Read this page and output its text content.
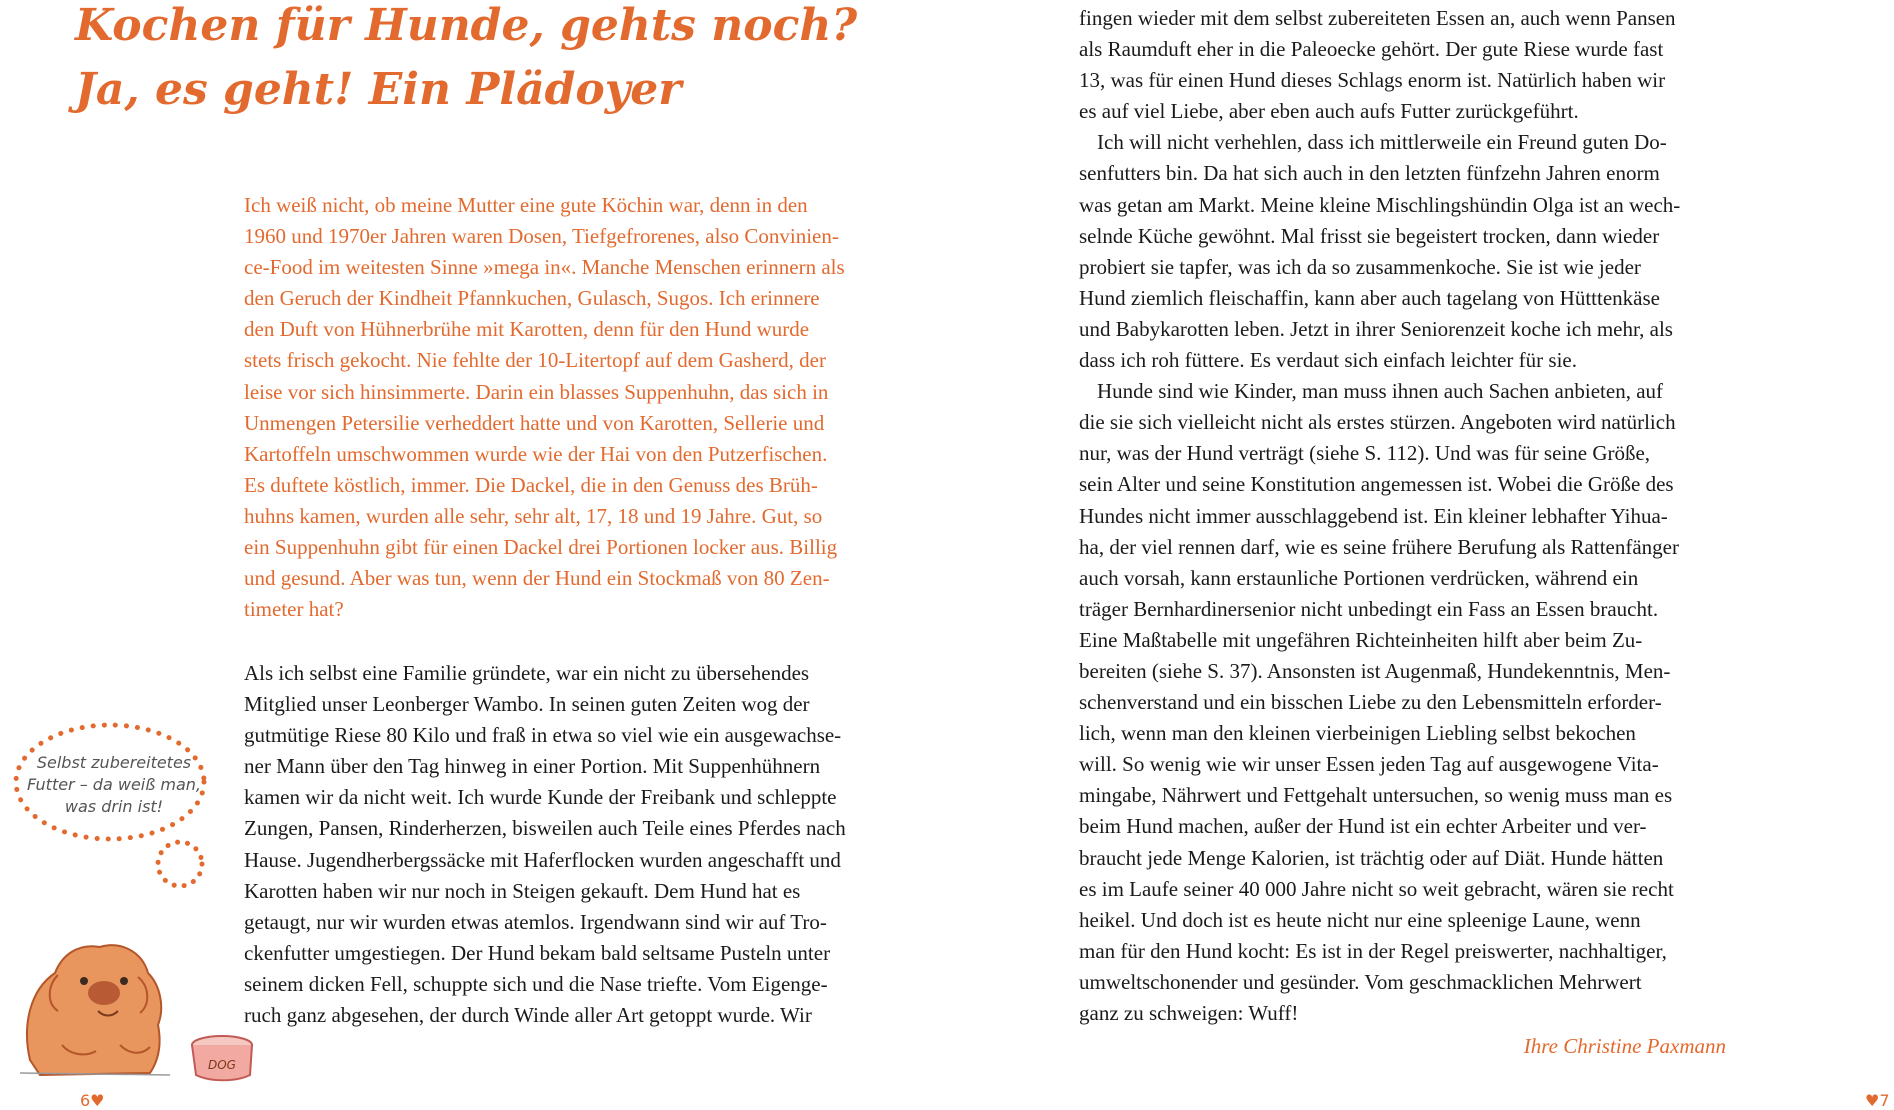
Kochen für Hunde, gehts noch?
Ja, es geht! Ein Plädoyer
Ich weiß nicht, ob meine Mutter eine gute Köchin war, denn in den
1960 und 1970er Jahren waren Dosen, Tiefgefrorenes, also Convinien-
ce-Food im weitesten Sinne »mega in«. Manche Menschen erinnern als
den Geruch der Kindheit Pfannkuchen, Gulasch, Sugos. Ich erinnere
den Duft von Hühnerbrühe mit Karotten, denn für den Hund wurde
stets frisch gekocht. Nie fehlte der 10-Litertopf auf dem Gasherd, der
leise vor sich hinsimmerte. Darin ein blasses Suppenhuhn, das sich in
Unmengen Petersilie verheddert hatte und von Karotten, Sellerie und
Kartoffeln umschwommen wurde wie der Hai von den Putzerfischen.
Es duftete köstlich, immer. Die Dackel, die in den Genuss des Brüh-
huhns kamen, wurden alle sehr, sehr alt, 17, 18 und 19 Jahre. Gut, so
ein Suppenhuhn gibt für einen Dackel drei Portionen locker aus. Billig
und gesund. Aber was tun, wenn der Hund ein Stockmaß von 80 Zen-
timeter hat?
Als ich selbst eine Familie gründete, war ein nicht zu übersehendes
Mitglied unser Leonberger Wambo. In seinen guten Zeiten wog der
gutmütige Riese 80 Kilo und fraß in etwa so viel wie ein ausgewachse-
ner Mann über den Tag hinweg in einer Portion. Mit Suppenhühnern
kamen wir da nicht weit. Ich wurde Kunde der Freibank und schleppte
Zungen, Pansen, Rinderherzen, bisweilen auch Teile eines Pferdes nach
Hause. Jugendherbergssäcke mit Haferflocken wurden angeschafft und
Karotten haben wir nur noch in Steigen gekauft. Dem Hund hat es
getaugt, nur wir wurden etwas atemlos. Irgendwann sind wir auf Tro-
ckenfutter umgestiegen. Der Hund bekam bald seltsame Pusteln unter
seinem dicken Fell, schuppte sich und die Nase triefte. Vom Eigenge-
ruch ganz abgesehen, der durch Winde aller Art getoppt wurde. Wir
fingen wieder mit dem selbst zubereiteten Essen an, auch wenn Pansen
als Raumduft eher in die Paleoecke gehört. Der gute Riese wurde fast
13, was für einen Hund dieses Schlags enorm ist. Natürlich haben wir
es auf viel Liebe, aber eben auch aufs Futter zurückgeführt.
Ich will nicht verhehlen, dass ich mittlerweile ein Freund guten Do-
senfutters bin. Da hat sich auch in den letzten fünfzehn Jahren enorm
was getan am Markt. Meine kleine Mischlingshündin Olga ist an wech-
selnde Küche gewöhnt. Mal frisst sie begeistert trocken, dann wieder
probiert sie tapfer, was ich da so zusammenkoche. Sie ist wie jeder
Hund ziemlich fleischaffin, kann aber auch tagelang von Hütttenkäse
und Babykarotten leben. Jetzt in ihrer Seniorenzeit koche ich mehr, als
dass ich roh füttere. Es verdaut sich einfach leichter für sie.
Hunde sind wie Kinder, man muss ihnen auch Sachen anbieten, auf
die sie sich vielleicht nicht als erstes stürzen. Angeboten wird natürlich
nur, was der Hund verträgt (siehe S. 112). Und was für seine Größe,
sein Alter und seine Konstitution angemessen ist. Wobei die Größe des
Hundes nicht immer ausschlaggebend ist. Ein kleiner lebhafter Yihua-
ha, der viel rennen darf, wie es seine frühere Berufung als Rattenfänger
auch vorsah, kann erstaunliche Portionen verdrücken, während ein
träger Bernhardinersenior nicht unbedingt ein Fass an Essen braucht.
Eine Maßtabelle mit ungefähren Richteinheiten hilft aber beim Zu-
bereiten (siehe S. 37). Ansonsten ist Augenmaß, Hundekenntnis, Men-
schenverstand und ein bisschen Liebe zu den Lebensmitteln erforder-
lich, wenn man den kleinen vierbeinigen Liebling selbst bekochen
will. So wenig wie wir unser Essen jeden Tag auf ausgewogene Vita-
mingabe, Nährwert und Fettgehalt untersuchen, so wenig muss man es
beim Hund machen, außer der Hund ist ein echter Arbeiter und ver-
braucht jede Menge Kalorien, ist trächtig oder auf Diät. Hunde hätten
es im Laufe seiner 40 000 Jahre nicht so weit gebracht, wären sie recht
heikel. Und doch ist es heute nicht nur eine spleenige Laune, wenn
man für den Hund kocht: Es ist in der Regel preiswerter, nachhaltiger,
umweltschonender und gesünder. Vom geschmacklichen Mehrwert
ganz zu schweigen: Wuff!
Ihre Christine Paxmann
Selbst zubereitetes
Futter – da weiß man,
was drin ist!
DOG
6♥	♥7
